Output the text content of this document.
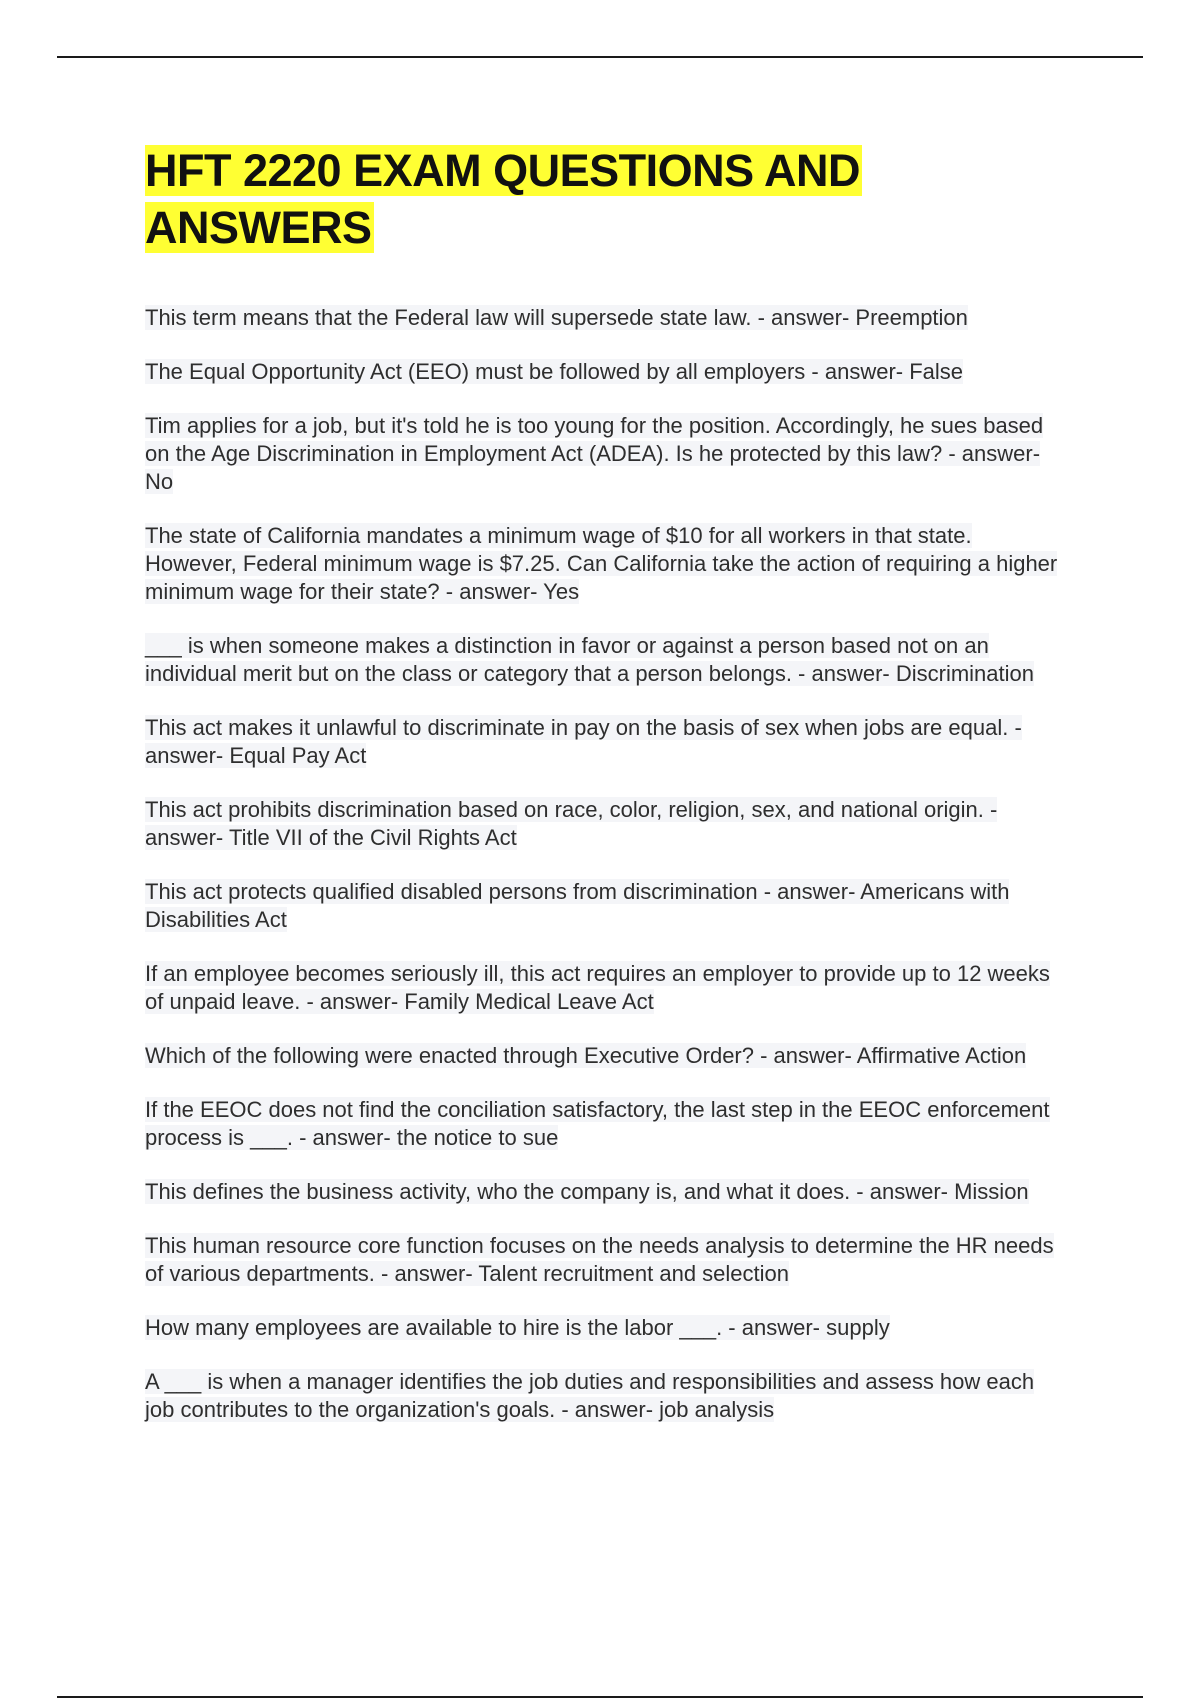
HFT 2220 EXAM QUESTIONS AND ANSWERS

This term means that the Federal law will supersede state law. - answer- Preemption

The Equal Opportunity Act (EEO) must be followed by all employers - answer- False

Tim applies for a job, but it's told he is too young for the position. Accordingly, he sues based on the Age Discrimination in Employment Act (ADEA). Is he protected by this law? - answer- No

The state of California mandates a minimum wage of $10 for all workers in that state. However, Federal minimum wage is $7.25. Can California take the action of requiring a higher minimum wage for their state? - answer- Yes

___ is when someone makes a distinction in favor or against a person based not on an individual merit but on the class or category that a person belongs. - answer- Discrimination

This act makes it unlawful to discriminate in pay on the basis of sex when jobs are equal. - answer- Equal Pay Act

This act prohibits discrimination based on race, color, religion, sex, and national origin. - answer- Title VII of the Civil Rights Act

This act protects qualified disabled persons from discrimination - answer- Americans with Disabilities Act

If an employee becomes seriously ill, this act requires an employer to provide up to 12 weeks of unpaid leave. - answer- Family Medical Leave Act

Which of the following were enacted through Executive Order? - answer- Affirmative Action

If the EEOC does not find the conciliation satisfactory, the last step in the EEOC enforcement process is ___. - answer- the notice to sue

This defines the business activity, who the company is, and what it does. - answer- Mission

This human resource core function focuses on the needs analysis to determine the HR needs of various departments. - answer- Talent recruitment and selection

How many employees are available to hire is the labor ___. - answer- supply

A ___ is when a manager identifies the job duties and responsibilities and assess how each job contributes to the organization's goals. - answer- job analysis
